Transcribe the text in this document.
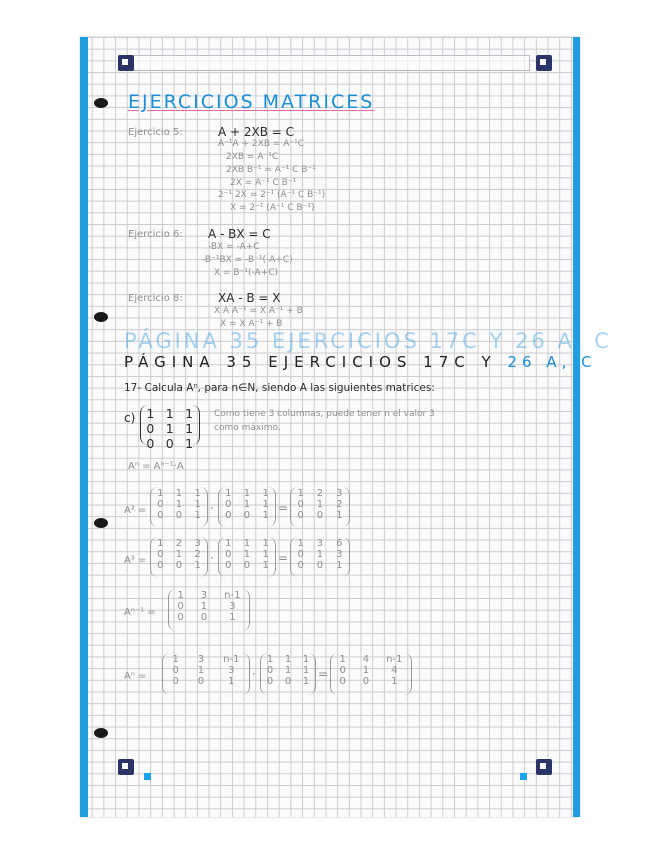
EJERCICIOS MATRICES
Ejercicio 5:	A + 2XB = C
A⁻¹A + 2XB = A⁻¹C
2XB = A⁻¹C
2XB B⁻¹ = A⁻¹ C B⁻¹
2X = A⁻¹ C B⁻¹
2⁻¹ 2X = 2⁻¹ (A⁻¹ C B⁻¹)
X = 2⁻¹ (A⁻¹ C B⁻¹)
Ejercicio 6: A - BX = C
-BX = -A+C
-B⁻¹BX = -B⁻¹(-A+C)
X = B⁻¹(-A+C)
Ejercicio 8:	XA - B = X
X A A⁻¹ = X A⁻¹ + B
X = X A⁻¹ + B
PÁGINA 35 EJERCICIOS 17C Y 26 A, C
PÁGINA 35 EJERCICIOS 17C Y 26 A, C
17- Calcula Aⁿ, para n∈N, siendo A las siguientes matrices:
c) 1 1 1
0 1 1
0 0 1
Como tiene 3 columnas, puede tener n el valor 3
como máximo.
Aⁿ = Aⁿ⁻¹·A
A² =
1 1 1
0 1 1
0 0 1
·
1 1 1
0 1 1
0 0 1
=
1 2 3
0 1 2
0 0 1
A³ =
1 2 3
0 1 2
0 0 1
·
1 1 1
0 1 1
0 0 1
=
1 3 6
0 1 3
0 0 1
Aⁿ⁻¹ =
1 3 n-1
0 1	3
0 0	1
Aⁿ =
1 3 n-1
0 1	3
0 0	1
·
1 1 1
0 1 1
0 0 1
=
1 4 n-1
0 1	4
0 0	1
